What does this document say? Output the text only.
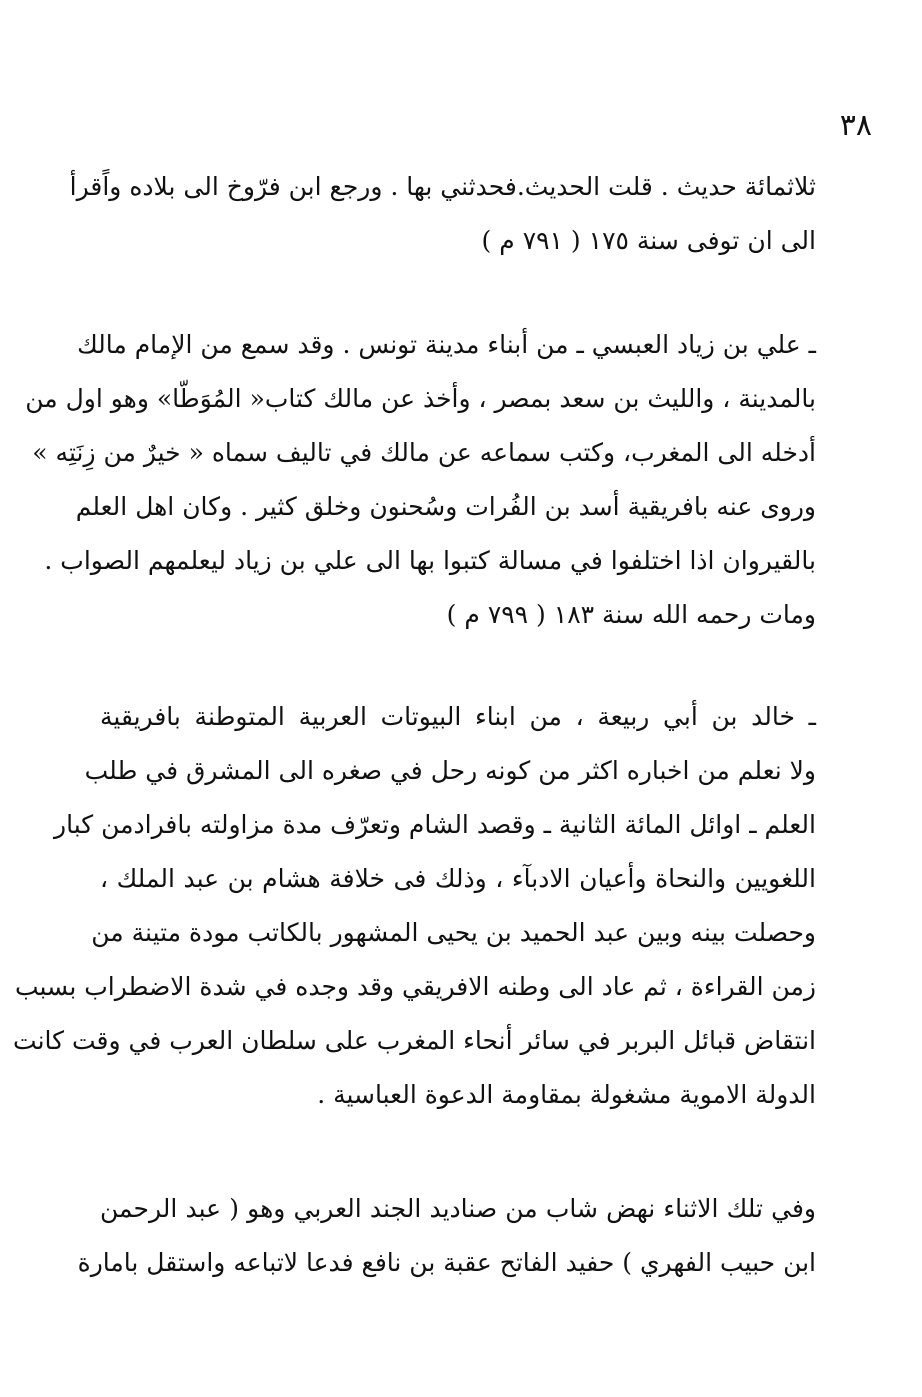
٣٨
ثلاثمائة حديث . قلت الحديث.فحدثني بها . ورجع ابن فرّوخ الى بلاده واًقرأ
الى ان توفى سنة ١٧٥ ( ٧٩١ م )
ـ علي بن زياد العبسي ـ من أبناء مدينة تونس . وقد سمع من الإمام مالك
بالمدينة ، والليث بن سعد بمصر ، وأخذ عن مالك كتاب« المُوَطّا» وهو اول من
أدخله الى المغرب، وكتب سماعه عن مالك في تاليف سماه « خيرٌ من زِنَتِه »
وروى عنه بافريقية أسد بن الفُرات وسُحنون وخلق كثير . وكان اهل العلم
بالقيروان اذا اختلفوا في مسالة كتبوا بها الى علي بن زياد ليعلمهم الصواب .
ومات رحمه الله سنة ١٨٣ ( ٧٩٩ م )
ـ خالد بن أبي ربيعة ، من ابناء البيوتات العربية المتوطنة بافريقية
ولا نعلم من اخباره اكثر من كونه رحل في صغره الى المشرق في طلب
العلم ـ اوائل المائة الثانية ـ وقصد الشام وتعرّف مدة مزاولته بافرادمن كبار
اللغويين والنحاة وأعيان الادبآء ، وذلك فى خلافة هشام بن عبد الملك ،
وحصلت بينه وبين عبد الحميد بن يحيى المشهور بالكاتب مودة متينة من
زمن القراءة ، ثم عاد الى وطنه الافريقي وقد وجده في شدة الاضطراب بسبب
انتقاض قبائل البربر في سائر أنحاء المغرب على سلطان العرب في وقت كانت
الدولة الاموية مشغولة بمقاومة الدعوة العباسية .
وفي تلك الاثناء نهض شاب من صناديد الجند العربي وهو ( عبد الرحمن
ابن حبيب الفهري ) حفيد الفاتح عقبة بن نافع فدعا لاتباعه واستقل بامارة
